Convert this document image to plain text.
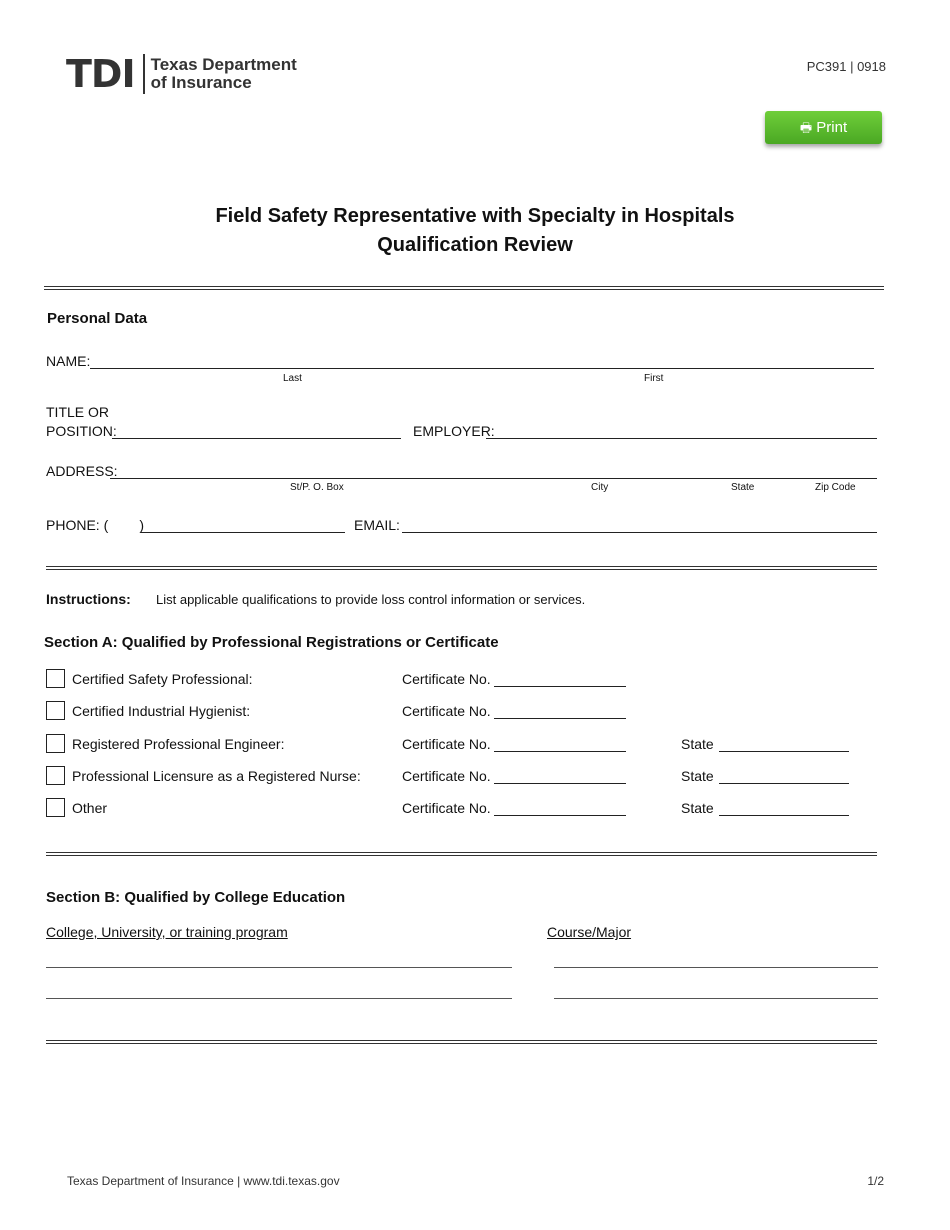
TDI Texas Department
of Insurance
PC391 | 0918
🖶 Print
Field Safety Representative with Specialty in Hospitals
Qualification Review
Personal Data
NAME:
Last	First
TITLE OR
POSITION:	EMPLOYER:
ADDRESS:
St/P. O. Box	City	State	Zip Code
PHONE: (        )	EMAIL:
Instructions: List applicable qualifications to provide loss control information or services.
Section A: Qualified by Professional Registrations or Certificate
Certified Safety Professional:	Certificate No.
Certified Industrial Hygienist:	Certificate No.
Registered Professional Engineer:	Certificate No.	State
Professional Licensure as a Registered Nurse:	Certificate No.	State
Other	Certificate No.	State
Section B: Qualified by College Education
College, University, or training program	Course/Major
Texas Department of Insurance | www.tdi.texas.gov	1/2
